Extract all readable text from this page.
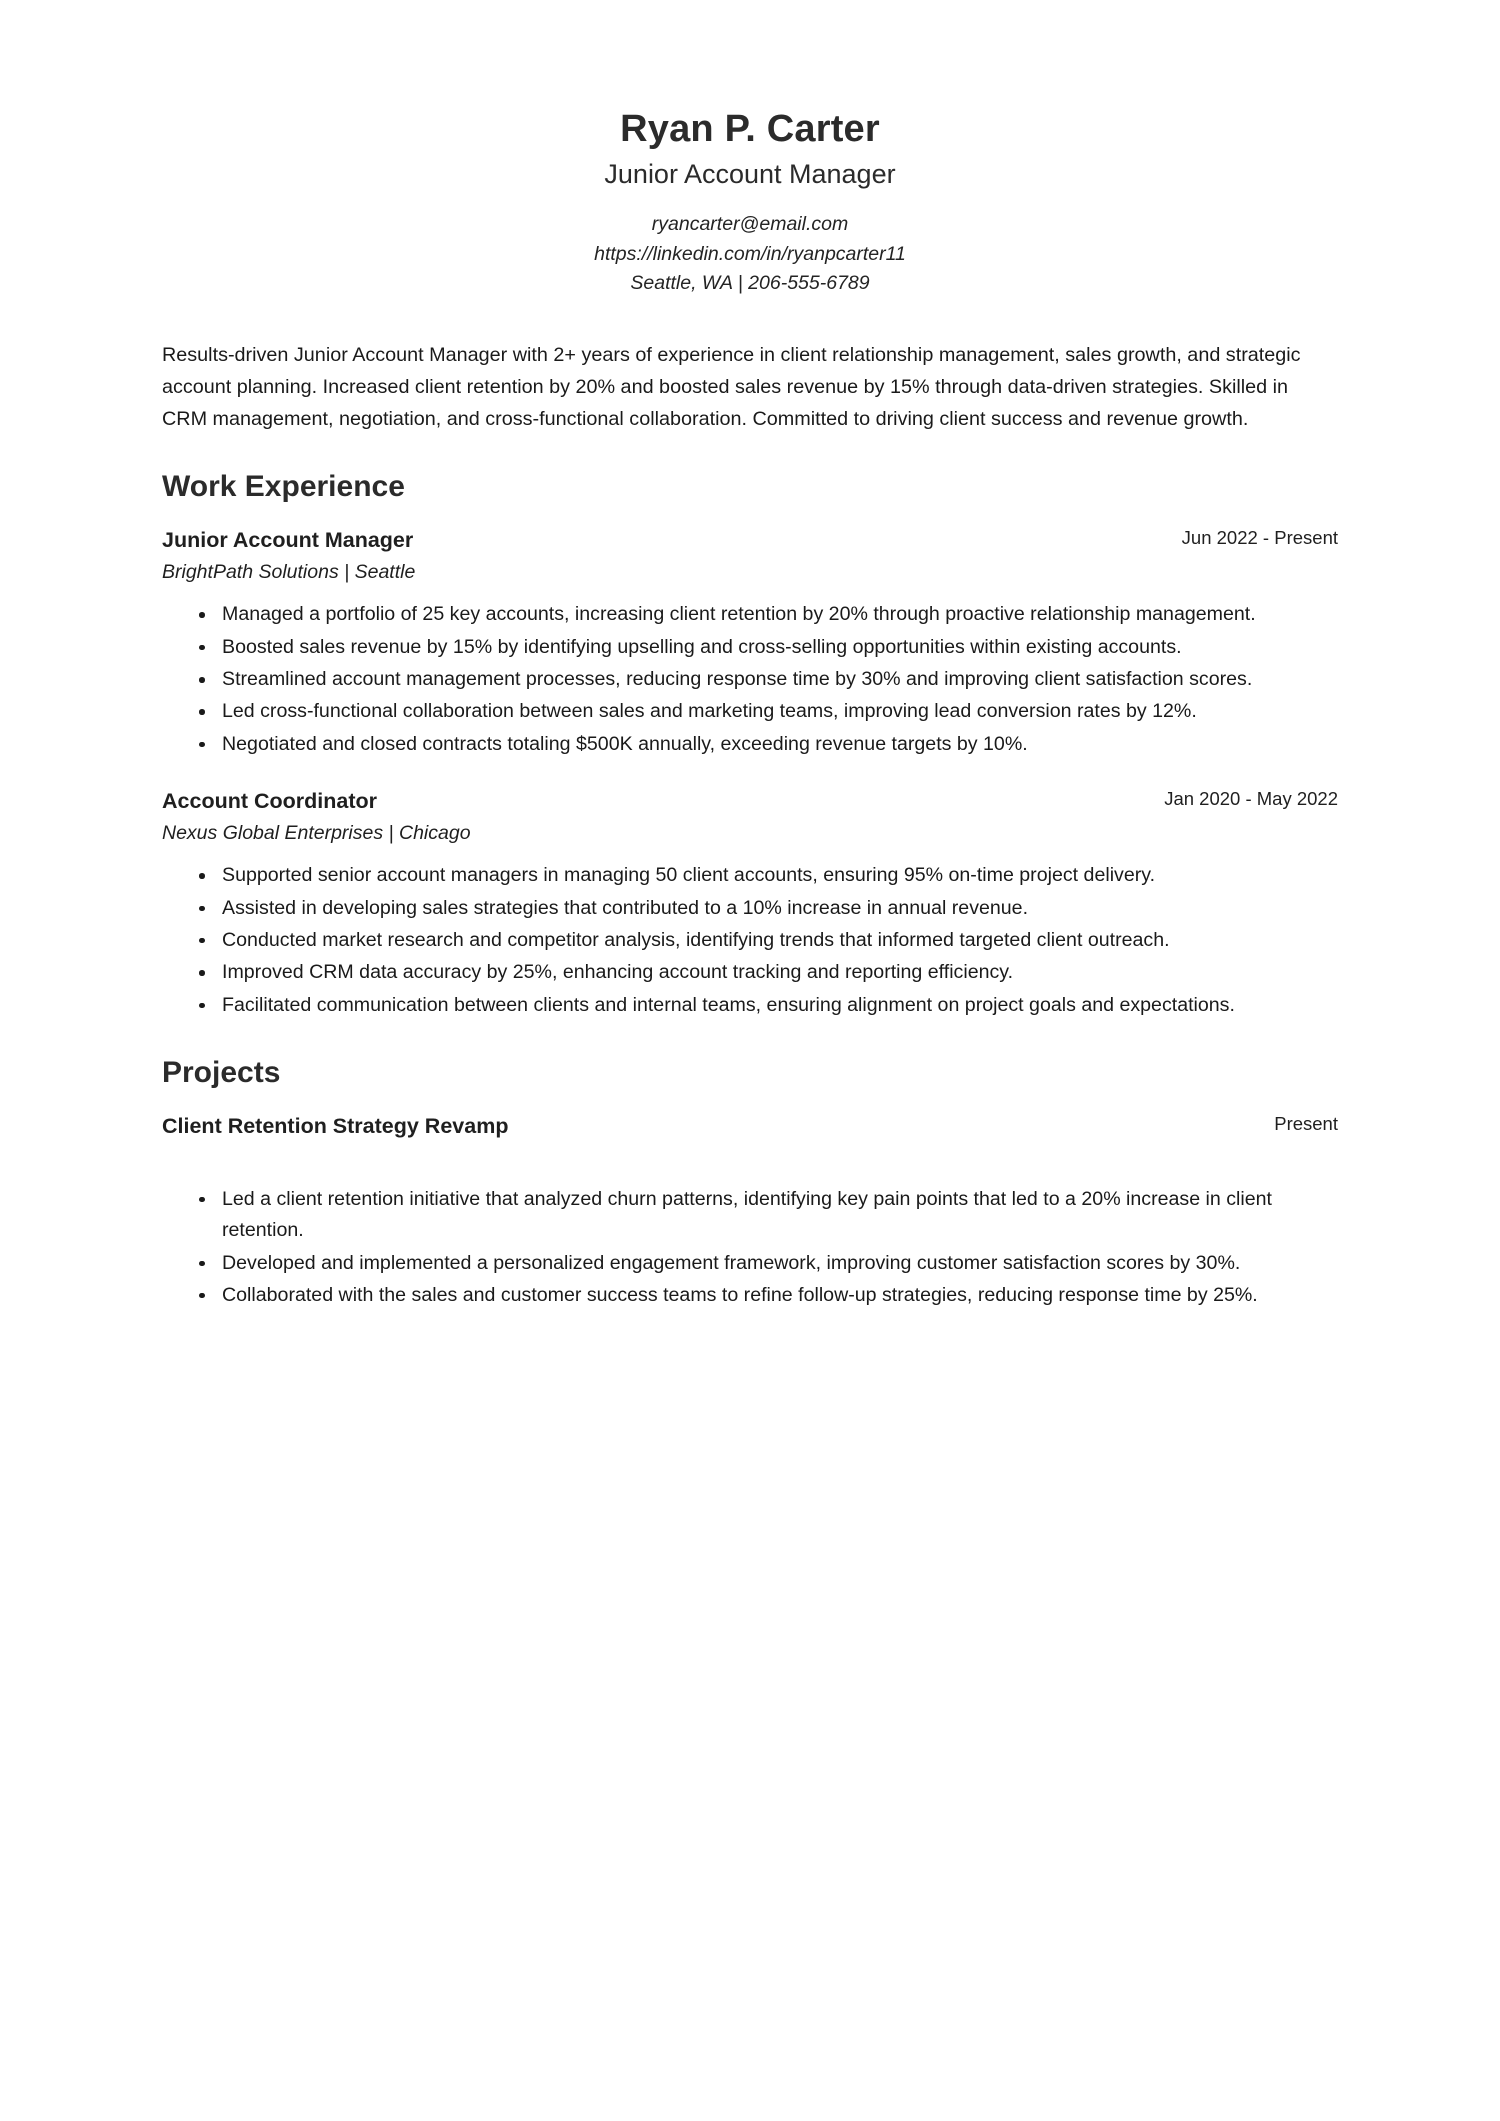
Ryan P. Carter
Junior Account Manager
ryancarter@email.com
https://linkedin.com/in/ryanpcarter11
Seattle, WA | 206-555-6789
Results-driven Junior Account Manager with 2+ years of experience in client relationship management, sales growth, and strategic account planning. Increased client retention by 20% and boosted sales revenue by 15% through data-driven strategies. Skilled in CRM management, negotiation, and cross-functional collaboration. Committed to driving client success and revenue growth.
Work Experience
Junior Account Manager	Jun 2022 - Present
BrightPath Solutions | Seattle
Managed a portfolio of 25 key accounts, increasing client retention by 20% through proactive relationship management.
Boosted sales revenue by 15% by identifying upselling and cross-selling opportunities within existing accounts.
Streamlined account management processes, reducing response time by 30% and improving client satisfaction scores.
Led cross-functional collaboration between sales and marketing teams, improving lead conversion rates by 12%.
Negotiated and closed contracts totaling $500K annually, exceeding revenue targets by 10%.
Account Coordinator	Jan 2020 - May 2022
Nexus Global Enterprises | Chicago
Supported senior account managers in managing 50 client accounts, ensuring 95% on-time project delivery.
Assisted in developing sales strategies that contributed to a 10% increase in annual revenue.
Conducted market research and competitor analysis, identifying trends that informed targeted client outreach.
Improved CRM data accuracy by 25%, enhancing account tracking and reporting efficiency.
Facilitated communication between clients and internal teams, ensuring alignment on project goals and expectations.
Projects
Client Retention Strategy Revamp	Present
Led a client retention initiative that analyzed churn patterns, identifying key pain points that led to a 20% increase in client retention.
Developed and implemented a personalized engagement framework, improving customer satisfaction scores by 30%.
Collaborated with the sales and customer success teams to refine follow-up strategies, reducing response time by 25%.
